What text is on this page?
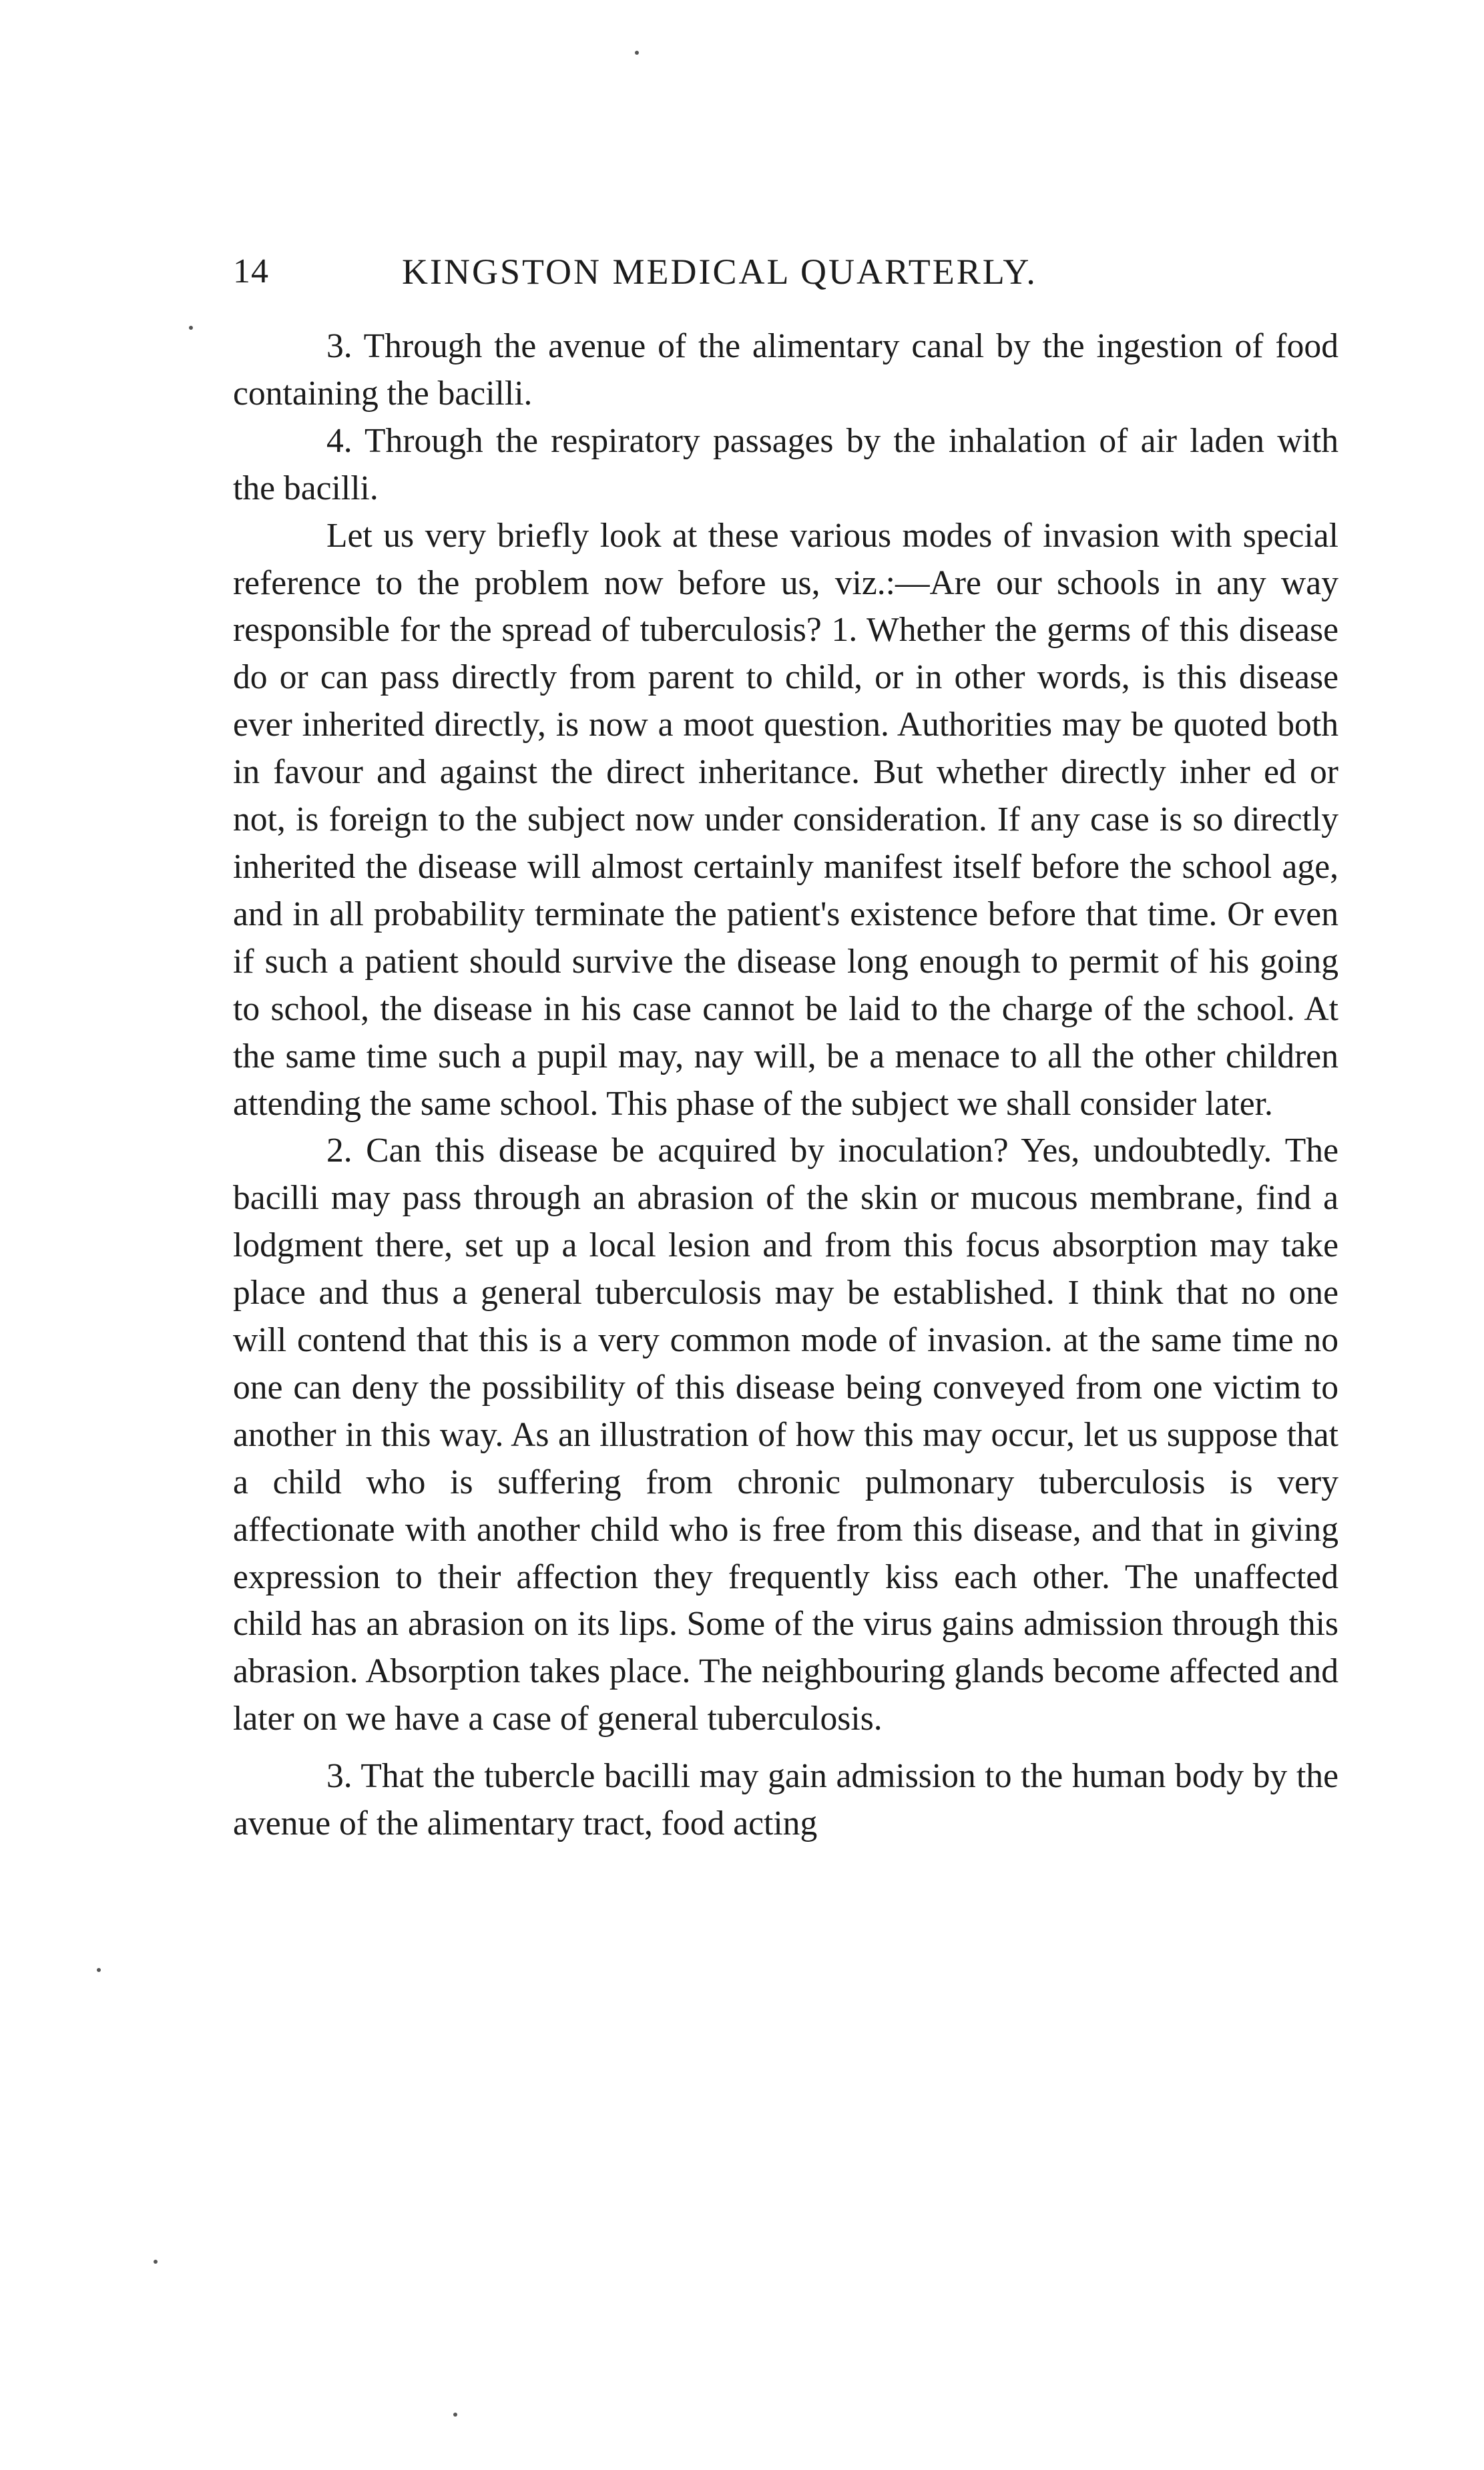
14	KINGSTON MEDICAL QUARTERLY.

3. Through the avenue of the alimentary canal by the ingestion of food containing the bacilli.

4. Through the respiratory passages by the inhalation of air laden with the bacilli.

Let us very briefly look at these various modes of invasion with special reference to the problem now before us, viz.:—Are our schools in any way responsible for the spread of tuberculosis? 1. Whether the germs of this disease do or can pass directly from parent to child, or in other words, is this disease ever inherited directly, is now a moot question. Authorities may be quoted both in favour and against the direct inheritance. But whether directly inher ed or not, is foreign to the subject now under consideration. If any case is so directly inherited the disease will almost certainly manifest itself before the school age, and in all probability terminate the patient's existence before that time. Or even if such a patient should survive the disease long enough to permit of his going to school, the disease in his case cannot be laid to the charge of the school. At the same time such a pupil may, nay will, be a menace to all the other children attending the same school. This phase of the subject we shall consider later.

2. Can this disease be acquired by inoculation? Yes, undoubtedly. The bacilli may pass through an abrasion of the skin or mucous membrane, find a lodgment there, set up a local lesion and from this focus absorption may take place and thus a general tuberculosis may be established. I think that no one will contend that this is a very common mode of invasion. at the same time no one can deny the possibility of this disease being conveyed from one victim to another in this way. As an illustration of how this may occur, let us suppose that a child who is suffering from chronic pulmonary tuberculosis is very affectionate with another child who is free from this disease, and that in giving expression to their affection they frequently kiss each other. The unaffected child has an abrasion on its lips. Some of the virus gains admission through this abrasion. Absorption takes place. The neighbouring glands become affected and later on we have a case of general tuberculosis.

3. That the tubercle bacilli may gain admission to the human body by the avenue of the alimentary tract, food acting
